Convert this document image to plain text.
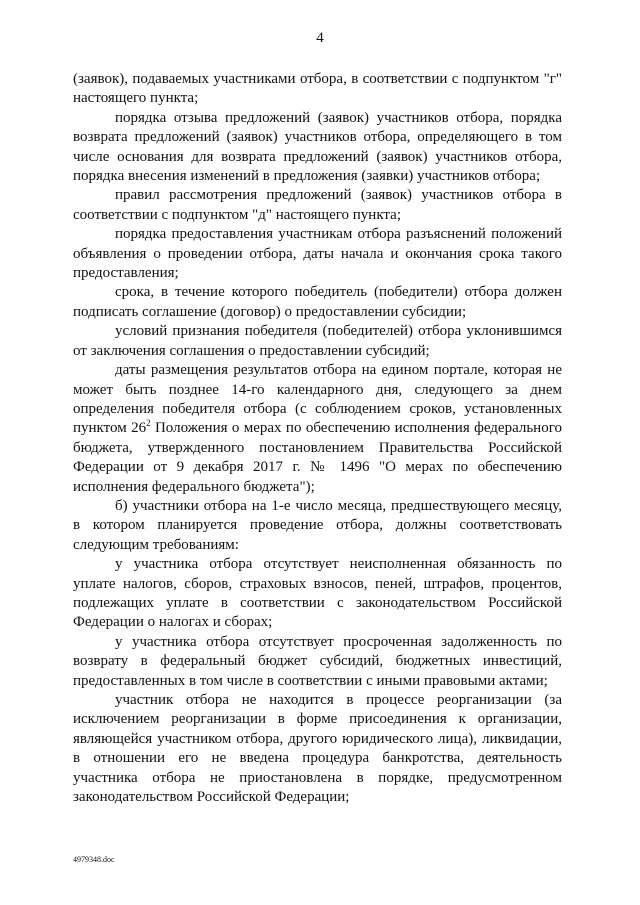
4

(заявок), подаваемых участниками отбора, в соответствии с подпунктом "г" настоящего пункта;

порядка отзыва предложений (заявок) участников отбора, порядка возврата предложений (заявок) участников отбора, определяющего в том числе основания для возврата предложений (заявок) участников отбора, порядка внесения изменений в предложения (заявки) участников отбора;

правил рассмотрения предложений (заявок) участников отбора в соответствии с подпунктом "д" настоящего пункта;

порядка предоставления участникам отбора разъяснений положений объявления о проведении отбора, даты начала и окончания срока такого предоставления;

срока, в течение которого победитель (победители) отбора должен подписать соглашение (договор) о предоставлении субсидии;

условий признания победителя (победителей) отбора уклонившимся от заключения соглашения о предоставлении субсидий;

даты размещения результатов отбора на едином портале, которая не может быть позднее 14-го календарного дня, следующего за днем определения победителя отбора (с соблюдением сроков, установленных пунктом $26^2$ Положения о мерах по обеспечению исполнения федерального бюджета, утвержденного постановлением Правительства Российской Федерации от 9 декабря 2017 г. № 1496 "О мерах по обеспечению исполнения федерального бюджета");

б) участники отбора на 1-е число месяца, предшествующего месяцу, в котором планируется проведение отбора, должны соответствовать следующим требованиям:

у участника отбора отсутствует неисполненная обязанность по уплате налогов, сборов, страховых взносов, пеней, штрафов, процентов, подлежащих уплате в соответствии с законодательством Российской Федерации о налогах и сборах;

у участника отбора отсутствует просроченная задолженность по возврату в федеральный бюджет субсидий, бюджетных инвестиций, предоставленных в том числе в соответствии с иными правовыми актами;

участник отбора не находится в процессе реорганизации (за исключением реорганизации в форме присоединения к организации, являющейся участником отбора, другого юридического лица), ликвидации, в отношении его не введена процедура банкротства, деятельность участника отбора не приостановлена в порядке, предусмотренном законодательством Российской Федерации;

4979348.doc
